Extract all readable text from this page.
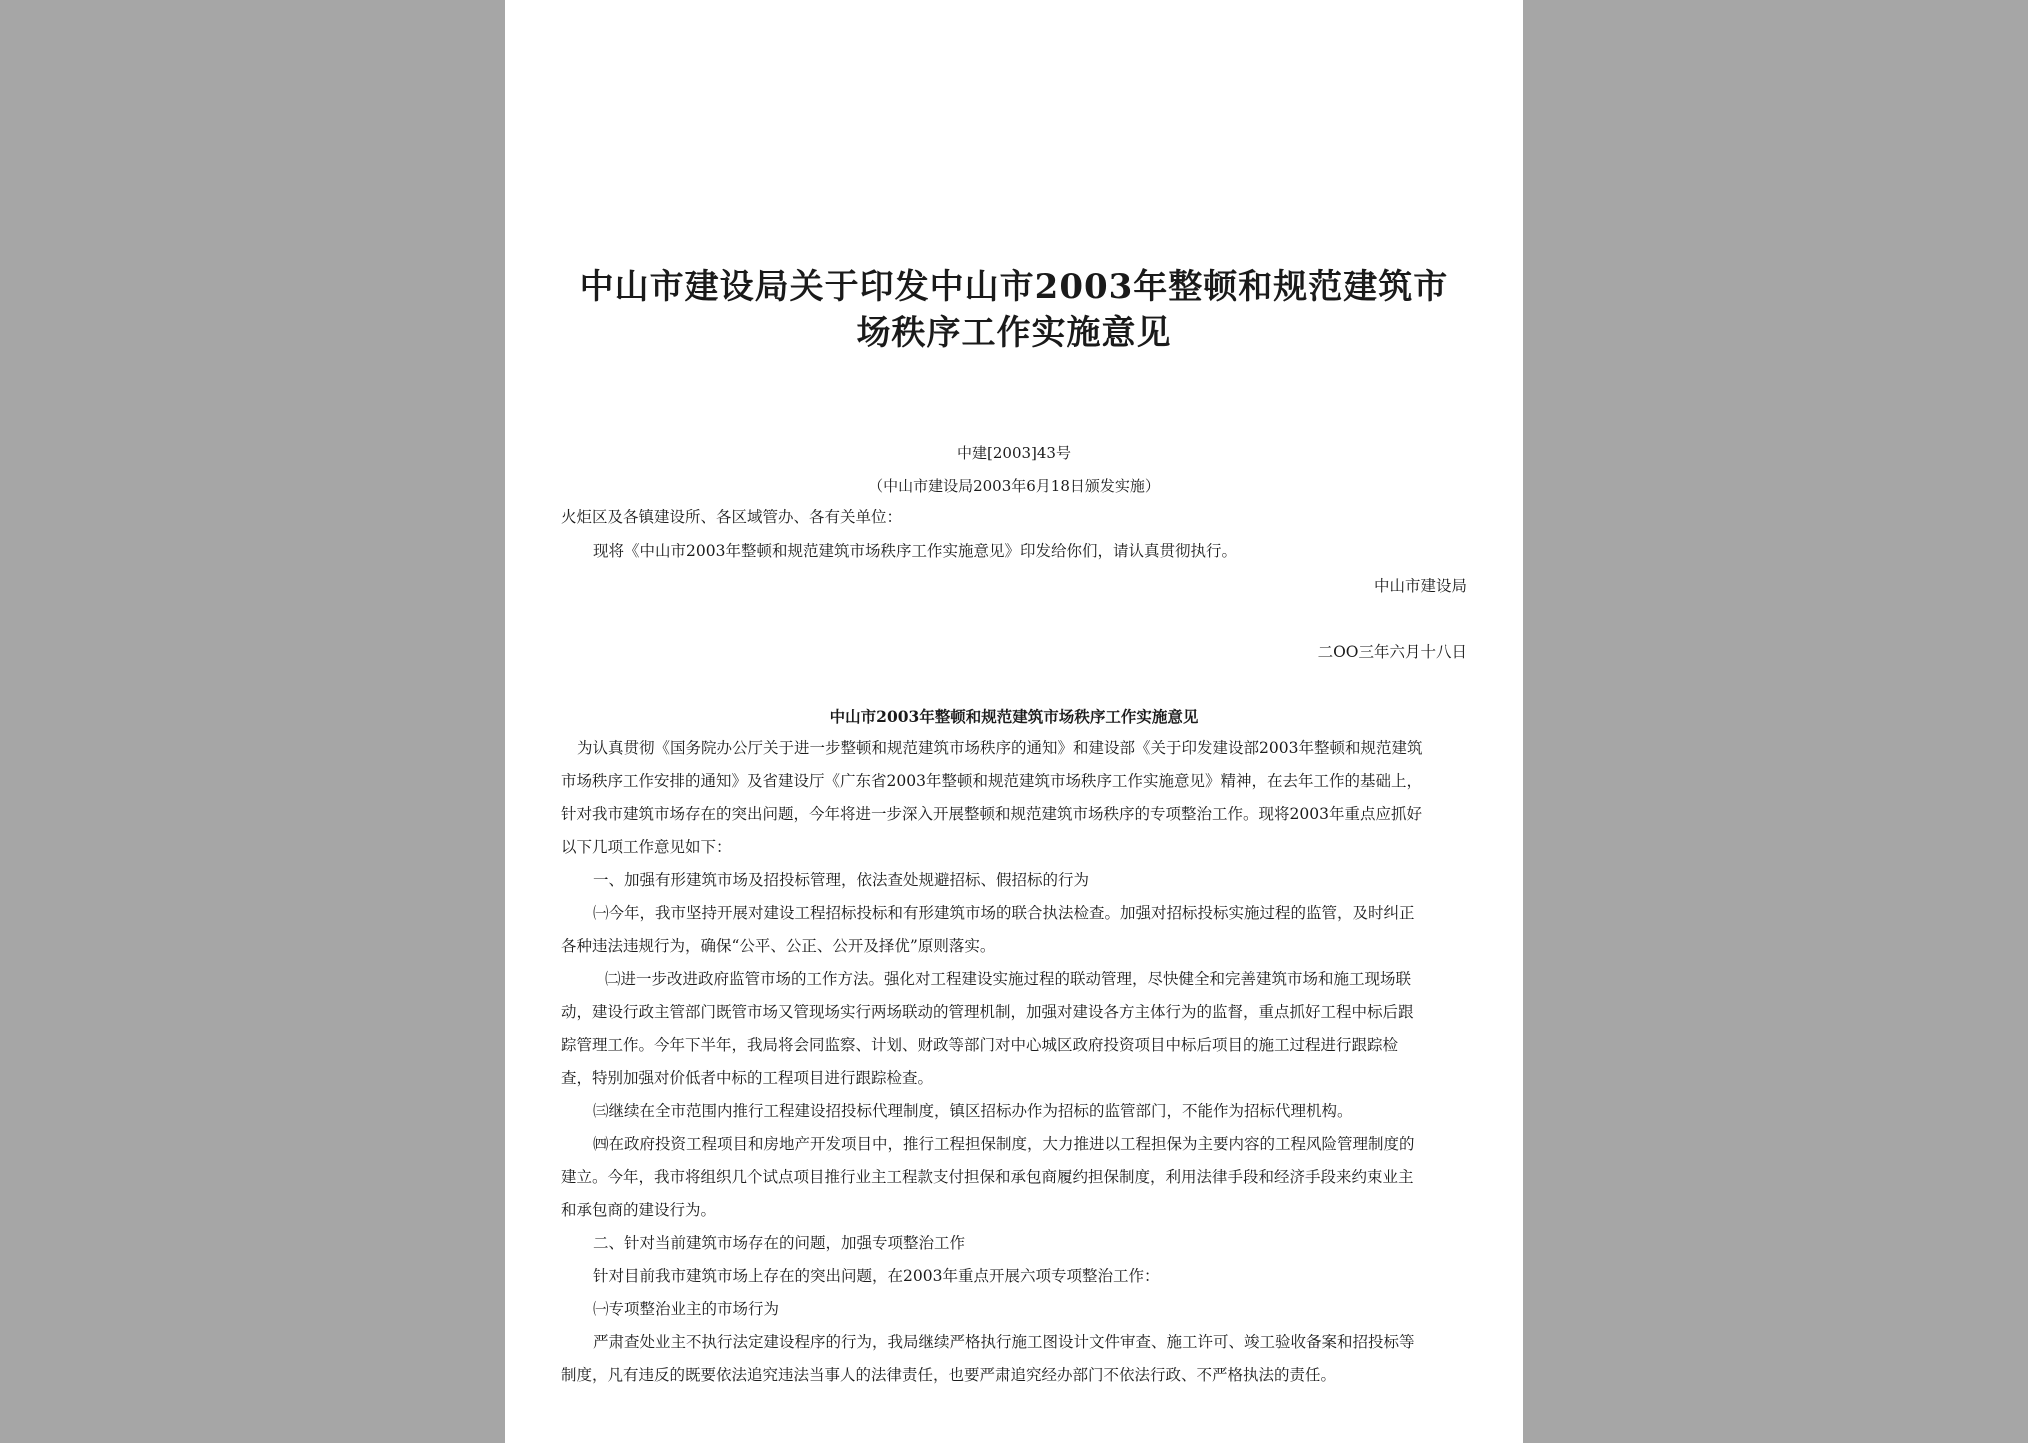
中山市建设局关于印发中山市2003年整顿和规范建筑市
场秩序工作实施意见
中建[2003]43号
（中山市建设局2003年6月18日颁发实施）
火炬区及各镇建设所、各区域管办、各有关单位：
现将《中山市2003年整顿和规范建筑市场秩序工作实施意见》印发给你们，请认真贯彻执行。
中山市建设局
二OO三年六月十八日
中山市2003年整顿和规范建筑市场秩序工作实施意见
为认真贯彻《国务院办公厅关于进一步整顿和规范建筑市场秩序的通知》和建设部《关于印发建设部2003年整顿和规范建筑
市场秩序工作安排的通知》及省建设厅《广东省2003年整顿和规范建筑市场秩序工作实施意见》精神，在去年工作的基础上，
针对我市建筑市场存在的突出问题，今年将进一步深入开展整顿和规范建筑市场秩序的专项整治工作。现将2003年重点应抓好
以下几项工作意见如下：
一、加强有形建筑市场及招投标管理，依法查处规避招标、假招标的行为
㈠今年，我市坚持开展对建设工程招标投标和有形建筑市场的联合执法检查。加强对招标投标实施过程的监管，及时纠正
各种违法违规行为，确保“公平、公正、公开及择优”原则落实。
㈡进一步改进政府监管市场的工作方法。强化对工程建设实施过程的联动管理，尽快健全和完善建筑市场和施工现场联
动，建设行政主管部门既管市场又管现场实行两场联动的管理机制，加强对建设各方主体行为的监督，重点抓好工程中标后跟
踪管理工作。今年下半年，我局将会同监察、计划、财政等部门对中心城区政府投资项目中标后项目的施工过程进行跟踪检
查，特别加强对价低者中标的工程项目进行跟踪检查。
㈢继续在全市范围内推行工程建设招投标代理制度，镇区招标办作为招标的监管部门，不能作为招标代理机构。
㈣在政府投资工程项目和房地产开发项目中，推行工程担保制度，大力推进以工程担保为主要内容的工程风险管理制度的
建立。今年，我市将组织几个试点项目推行业主工程款支付担保和承包商履约担保制度，利用法律手段和经济手段来约束业主
和承包商的建设行为。
二、针对当前建筑市场存在的问题，加强专项整治工作
针对目前我市建筑市场上存在的突出问题，在2003年重点开展六项专项整治工作：
㈠专项整治业主的市场行为
严肃查处业主不执行法定建设程序的行为，我局继续严格执行施工图设计文件审查、施工许可、竣工验收备案和招投标等
制度，凡有违反的既要依法追究违法当事人的法律责任，也要严肃追究经办部门不依法行政、不严格执法的责任。
